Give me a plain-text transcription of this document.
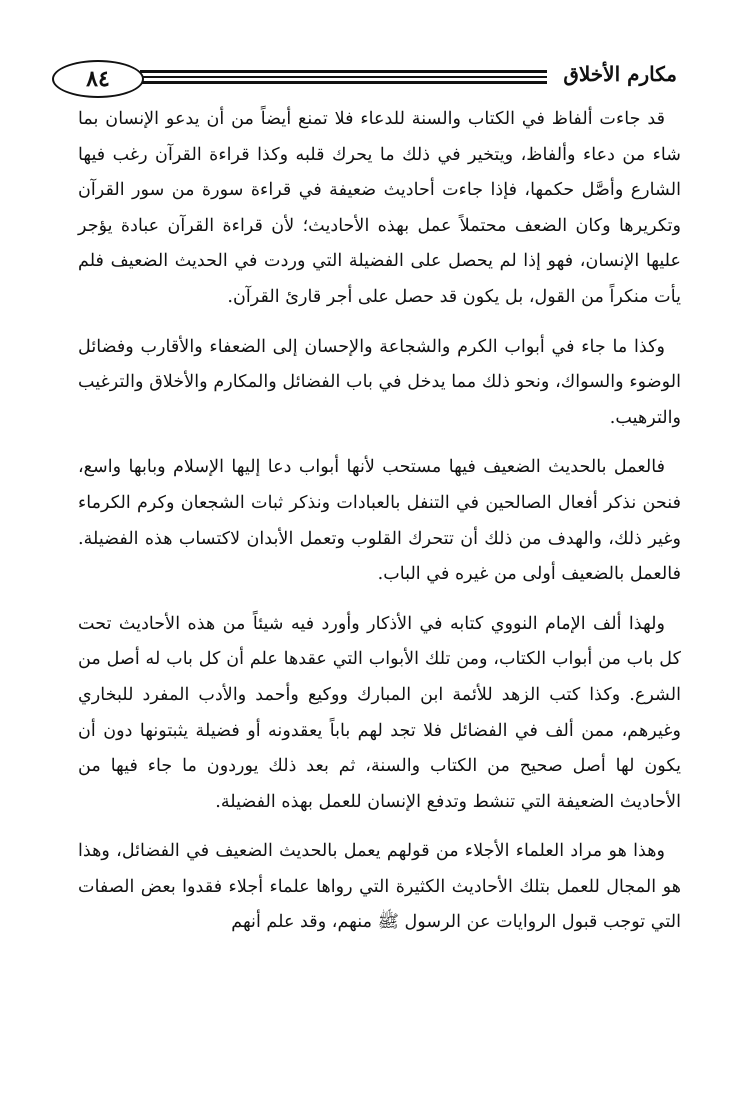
٨٤	مكارم الأخلاق

قد جاءت ألفاظ في الكتاب والسنة للدعاء فلا تمنع أيضاً من أن يدعو الإنسان بما شاء من دعاء وألفاظ، ويتخير في ذلك ما يحرك قلبه وكذا قراءة القرآن رغب فيها الشارع وأصَّل حكمها، فإذا جاءت أحاديث ضعيفة في قراءة سورة من سور القرآن وتكريرها وكان الضعف محتملاً عمل بهذه الأحاديث؛ لأن قراءة القرآن عبادة يؤجر عليها الإنسان، فهو إذا لم يحصل على الفضيلة التي وردت في الحديث الضعيف فلم يأت منكراً من القول، بل يكون قد حصل على أجر قارئ القرآن.

وكذا ما جاء في أبواب الكرم والشجاعة والإحسان إلى الضعفاء والأقارب وفضائل الوضوء والسواك، ونحو ذلك مما يدخل في باب الفضائل والمكارم والأخلاق والترغيب والترهيب.

فالعمل بالحديث الضعيف فيها مستحب لأنها أبواب دعا إليها الإسلام وبابها واسع، فنحن نذكر أفعال الصالحين في التنفل بالعبادات ونذكر ثبات الشجعان وكرم الكرماء وغير ذلك، والهدف من ذلك أن تتحرك القلوب وتعمل الأبدان لاكتساب هذه الفضيلة. فالعمل بالضعيف أولى من غيره في الباب.

ولهذا ألف الإمام النووي كتابه في الأذكار وأورد فيه شيئاً من هذه الأحاديث تحت كل باب من أبواب الكتاب، ومن تلك الأبواب التي عقدها علم أن كل باب له أصل من الشرع. وكذا كتب الزهد للأئمة ابن المبارك ووكيع وأحمد والأدب المفرد للبخاري وغيرهم، ممن ألف في الفضائل فلا تجد لهم باباً يعقدونه أو فضيلة يثبتونها دون أن يكون لها أصل صحيح من الكتاب والسنة، ثم بعد ذلك يوردون ما جاء فيها من الأحاديث الضعيفة التي تنشط وتدفع الإنسان للعمل بهذه الفضيلة.

وهذا هو مراد العلماء الأجلاء من قولهم يعمل بالحديث الضعيف في الفضائل، وهذا هو المجال للعمل بتلك الأحاديث الكثيرة التي رواها علماء أجلاء فقدوا بعض الصفات التي توجب قبول الروايات عن الرسول ﷺ منهم، وقد علم أنهم
